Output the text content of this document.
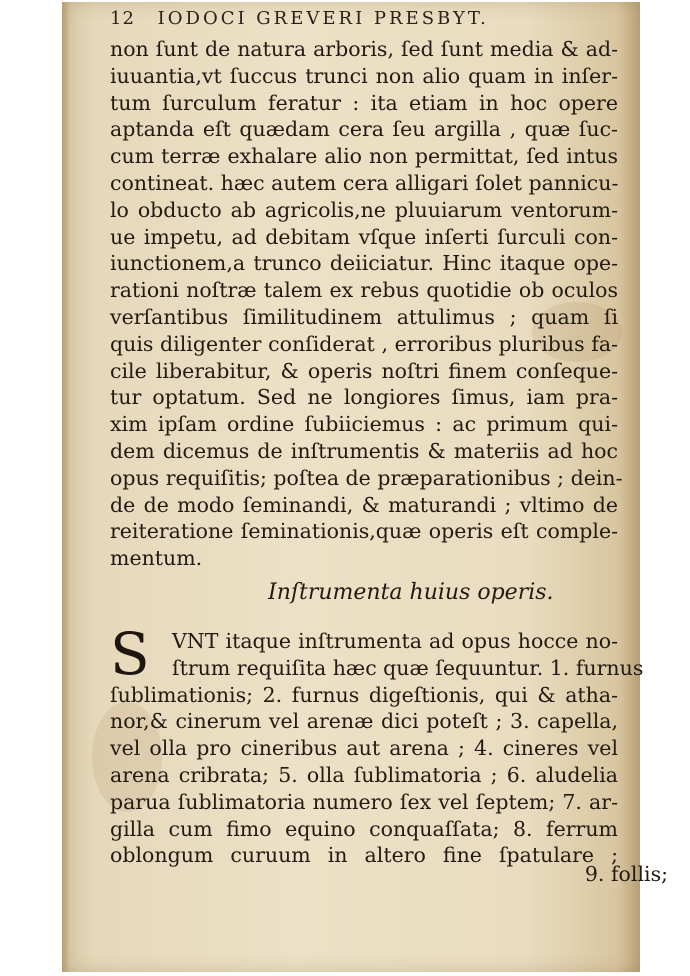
12 IODOCI GREVERI PRESBYT.
non ſunt de natura arboris, ſed ſunt media & ad-
iuuantia,vt ſuccus trunci non alio quam in inſer-
tum ſurculum feratur : ita etiam in hoc opere
aptanda eſt quædam cera ſeu argilla , quæ ſuc-
cum terræ exhalare alio non permittat, ſed intus
contineat. hæc autem cera alligari ſolet pannicu-
lo obducto ab agricolis,ne pluuiarum ventorum-
ue impetu, ad debitam vſque inſerti ſurculi con-
iunctionem,a trunco deiiciatur. Hinc itaque ope-
rationi noſtræ talem ex rebus quotidie ob oculos
verſantibus ſimilitudinem attulimus ; quam ſi
quis diligenter conſiderat , erroribus pluribus fa-
cile liberabitur, & operis noſtri finem conſeque-
tur optatum. Sed ne longiores ſimus, iam pra-
xim ipſam ordine ſubiiciemus : ac primum qui-
dem dicemus de inſtrumentis & materiis ad hoc
opus requiſitis; poſtea de præparationibus ; dein-
de de modo ſeminandi, & maturandi ; vltimo de
reiteratione ſeminationis,quæ operis eſt comple-
mentum.
Inſtrumenta huius operis.
S	VNT itaque inſtrumenta ad opus hocce no-
ſtrum requiſita hæc quæ ſequuntur. 1. furnus
ſublimationis; 2. furnus digeſtionis, qui & atha-
nor,& cinerum vel arenæ dici poteſt ; 3. capella,
vel olla pro cineribus aut arena ; 4. cineres vel
arena cribrata; 5. olla ſublimatoria ; 6. aludelia
parua ſublimatoria numero ſex vel ſeptem; 7. ar-
gilla cum fimo equino conquaſſata; 8. ferrum
oblongum curuum in altero fine ſpatulare ;
9. follis;
